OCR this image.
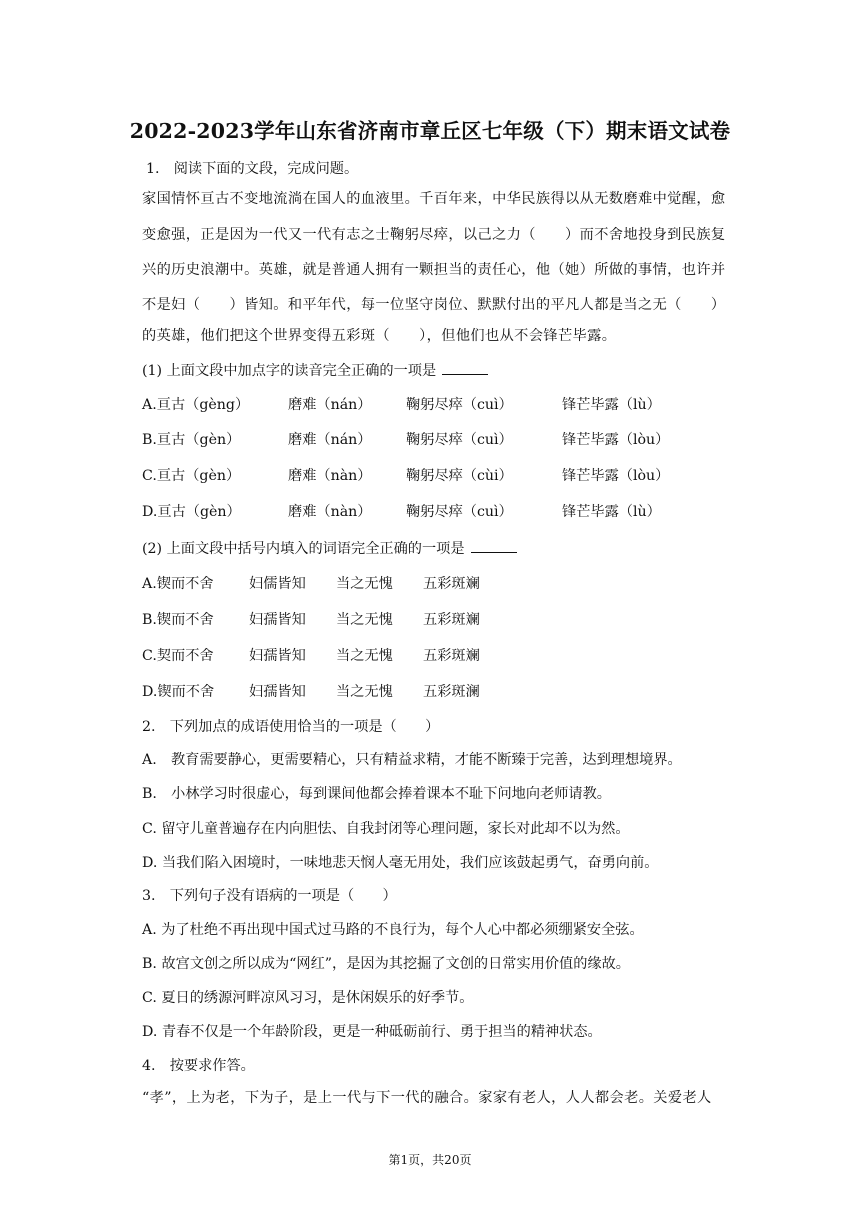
2022-2023学年山东省济南市章丘区七年级（下）期末语文试卷
1.　阅读下面的文段，完成问题。
家国情怀亘古不变地流淌在国人的血液里。千百年来，中华民族得以从无数磨难中觉醒，愈
变愈强，正是因为一代又一代有志之士鞠躬尽瘁，以己之力（　　）而不舍地投身到民族复
兴的历史浪潮中。英雄，就是普通人拥有一颗担当的责任心，他（她）所做的事情，也许并
不是妇（　　）皆知。和平年代，每一位坚守岗位、默默付出的平凡人都是当之无（　　）
的英雄，他们把这个世界变得五彩斑（　　），但他们也从不会锋芒毕露。
(1) 上面文段中加点字的读音完全正确的一项是
A.亘古（gèng）	磨难（nán） 鞠躬尽瘁（cuì）	锋芒毕露（lù）
B.亘古（gèn）	磨难（nán） 鞠躬尽瘁（cuì）	锋芒毕露（lòu）
C.亘古（gèn）	磨难（nàn） 鞠躬尽瘁（cùi）	锋芒毕露（lòu）
D.亘古（gèn）	磨难（nàn） 鞠躬尽瘁（cuì）	锋芒毕露（lù）
(2) 上面文段中括号内填入的词语完全正确的一项是
A.锲而不舍 妇儒皆知 当之无愧 五彩斑斓
B.锲而不舍 妇孺皆知 当之无愧 五彩斑斓
C.契而不舍 妇孺皆知 当之无愧 五彩斑斓
D.锲而不舍 妇孺皆知 当之无愧 五彩斑澜
2.　下列加点的成语使用恰当的一项是（　　）
A.　教育需要静心，更需要精心，只有精益求精，才能不断臻于完善，达到理想境界。
B.　小林学习时很虚心，每到课间他都会捧着课本不耻下问地向老师请教。
C. 留守儿童普遍存在内向胆怯、自我封闭等心理问题，家长对此却不以为然。
D. 当我们陷入困境时，一味地悲天悯人毫无用处，我们应该鼓起勇气，奋勇向前。
3.　下列句子没有语病的一项是（　　）
A. 为了杜绝不再出现中国式过马路的不良行为，每个人心中都必须绷紧安全弦。
B. 故宫文创之所以成为“网红”，是因为其挖掘了文创的日常实用价值的缘故。
C. 夏日的绣源河畔凉风习习，是休闲娱乐的好季节。
D. 青春不仅是一个年龄阶段，更是一种砥砺前行、勇于担当的精神状态。
4.　按要求作答。
“孝”，上为老，下为子，是上一代与下一代的融合。家家有老人，人人都会老。关爱老人
第1页，共20页
